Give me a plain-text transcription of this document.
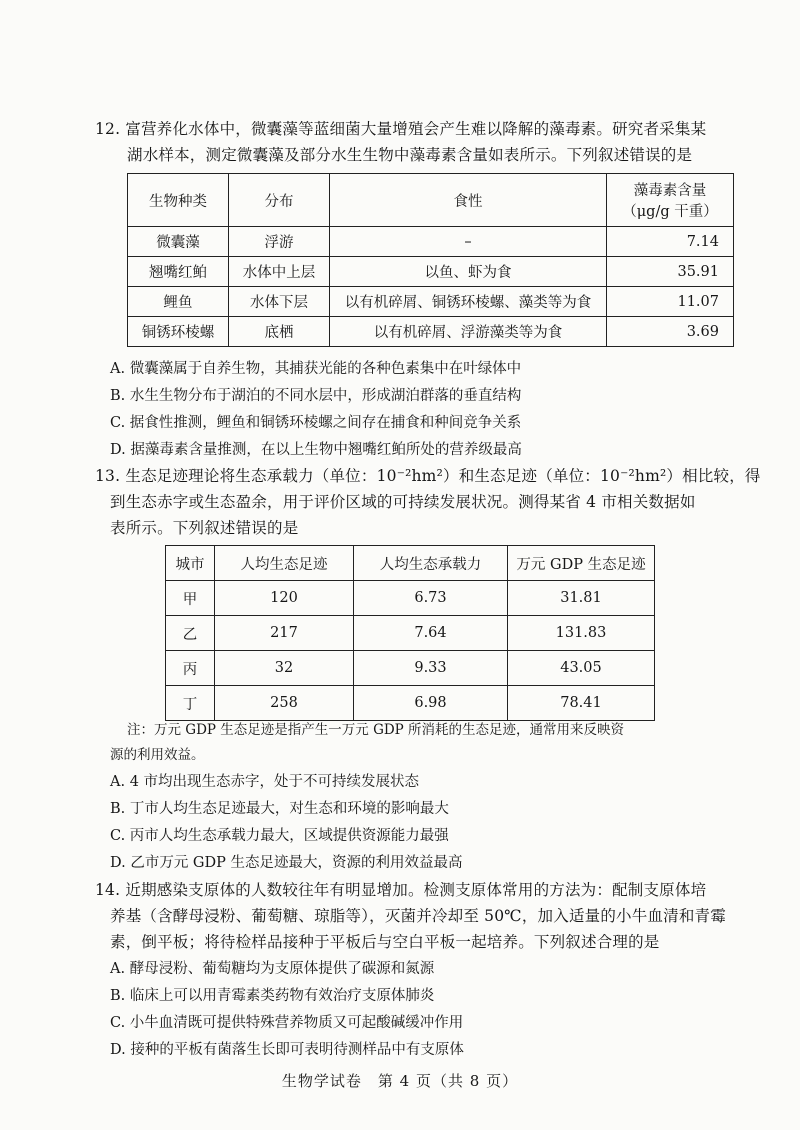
12. 富营养化水体中，微囊藻等蓝细菌大量增殖会产生难以降解的藻毒素。研究者采集某
湖水样本，测定微囊藻及部分水生生物中藻毒素含量如表所示。下列叙述错误的是
生物种类	分布	食性	藻毒素含量
（μg/g 干重）

微囊藻	浮游	–	7.14
翘嘴红鲌	水体中上层	以鱼、虾为食	35.91
鲤鱼	水体下层	以有机碎屑、铜锈环棱螺、藻类等为食	11.07
铜锈环棱螺	底栖	以有机碎屑、浮游藻类等为食	3.69
A. 微囊藻属于自养生物，其捕获光能的各种色素集中在叶绿体中
B. 水生生物分布于湖泊的不同水层中，形成湖泊群落的垂直结构
C. 据食性推测，鲤鱼和铜锈环棱螺之间存在捕食和种间竞争关系
D. 据藻毒素含量推测，在以上生物中翘嘴红鲌所处的营养级最高
13. 生态足迹理论将生态承载力（单位：10⁻²hm²）和生态足迹（单位：10⁻²hm²）相比较，得
到生态赤字或生态盈余，用于评价区域的可持续发展状况。测得某省 4 市相关数据如
表所示。下列叙述错误的是
城市	人均生态足迹	人均生态承载力	万元 GDP 生态足迹
甲	120	6.73	31.81
乙	217	7.64	131.83
丙	32	9.33	43.05
丁	258	6.98	78.41
注：万元 GDP 生态足迹是指产生一万元 GDP 所消耗的生态足迹，通常用来反映资
源的利用效益。
A. 4 市均出现生态赤字，处于不可持续发展状态
B. 丁市人均生态足迹最大，对生态和环境的影响最大
C. 丙市人均生态承载力最大，区域提供资源能力最强
D. 乙市万元 GDP 生态足迹最大，资源的利用效益最高
14. 近期感染支原体的人数较往年有明显增加。检测支原体常用的方法为：配制支原体培
养基（含酵母浸粉、葡萄糖、琼脂等），灭菌并冷却至 50℃，加入适量的小牛血清和青霉
素，倒平板；将待检样品接种于平板后与空白平板一起培养。下列叙述合理的是
A. 酵母浸粉、葡萄糖均为支原体提供了碳源和氮源
B. 临床上可以用青霉素类药物有效治疗支原体肺炎
C. 小牛血清既可提供特殊营养物质又可起酸碱缓冲作用
D. 接种的平板有菌落生长即可表明待测样品中有支原体
生物学试卷　第 4 页（共 8 页）
